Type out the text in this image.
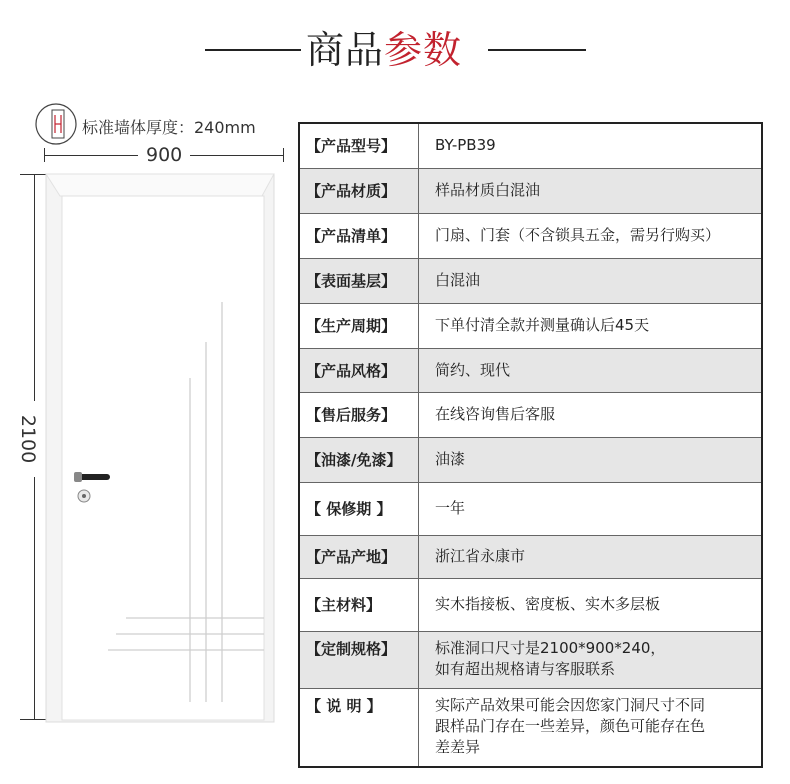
商品参数
标准墙体厚度：240mm
900
2100
【产品型号】	BY-PB39
【产品材质】	样品材质白混油
【产品清单】	门扇、门套（不含锁具五金，需另行购买）
【表面基层】	白混油
【生产周期】	下单付清全款并测量确认后45天
【产品风格】	简约、现代
【售后服务】	在线咨询售后客服
【油漆/免漆】	油漆
【 保修期 】	一年
【产品产地】	浙江省永康市
【主材料】	实木指接板、密度板、实木多层板
【定制规格】	标准洞口尺寸是2100*900*240，
如有超出规格请与客服联系

【 说 明 】	实际产品效果可能会因您家门洞尺寸不同
跟样品门存在一些差异，颜色可能存在色
差差异
